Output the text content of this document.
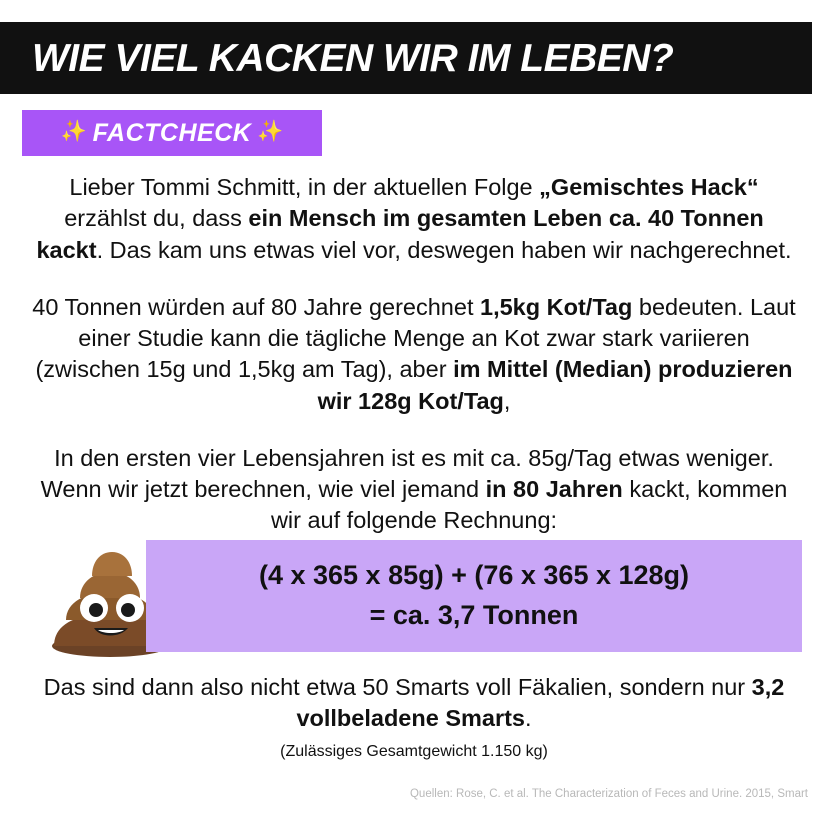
WIE VIEL KACKEN WIR IM LEBEN?
✨ FACTCHECK ✨

Lieber Tommi Schmitt, in der aktuellen Folge „Gemischtes Hack“ erzählst du, dass ein Mensch im gesamten Leben ca. 40 Tonnen kackt. Das kam uns etwas viel vor, deswegen haben wir nachgerechnet.

40 Tonnen würden auf 80 Jahre gerechnet 1,5kg Kot/Tag bedeuten. Laut einer Studie kann die tägliche Menge an Kot zwar stark variieren (zwischen 15g und 1,5kg am Tag), aber im Mittel (Median) produzieren wir 128g Kot/Tag,

In den ersten vier Lebensjahren ist es mit ca. 85g/Tag etwas weniger. Wenn wir jetzt berechnen, wie viel jemand in 80 Jahren kackt, kommen wir auf folgende Rechnung:

(4 x 365 x 85g) + (76 x 365 x 128g)
= ca. 3,7 Tonnen

Das sind dann also nicht etwa 50 Smarts voll Fäkalien, sondern nur 3,2 vollbeladene Smarts.

(Zulässiges Gesamtgewicht 1.150 kg)
Quellen: Rose, C. et al. The Characterization of Feces and Urine. 2015, Smart
